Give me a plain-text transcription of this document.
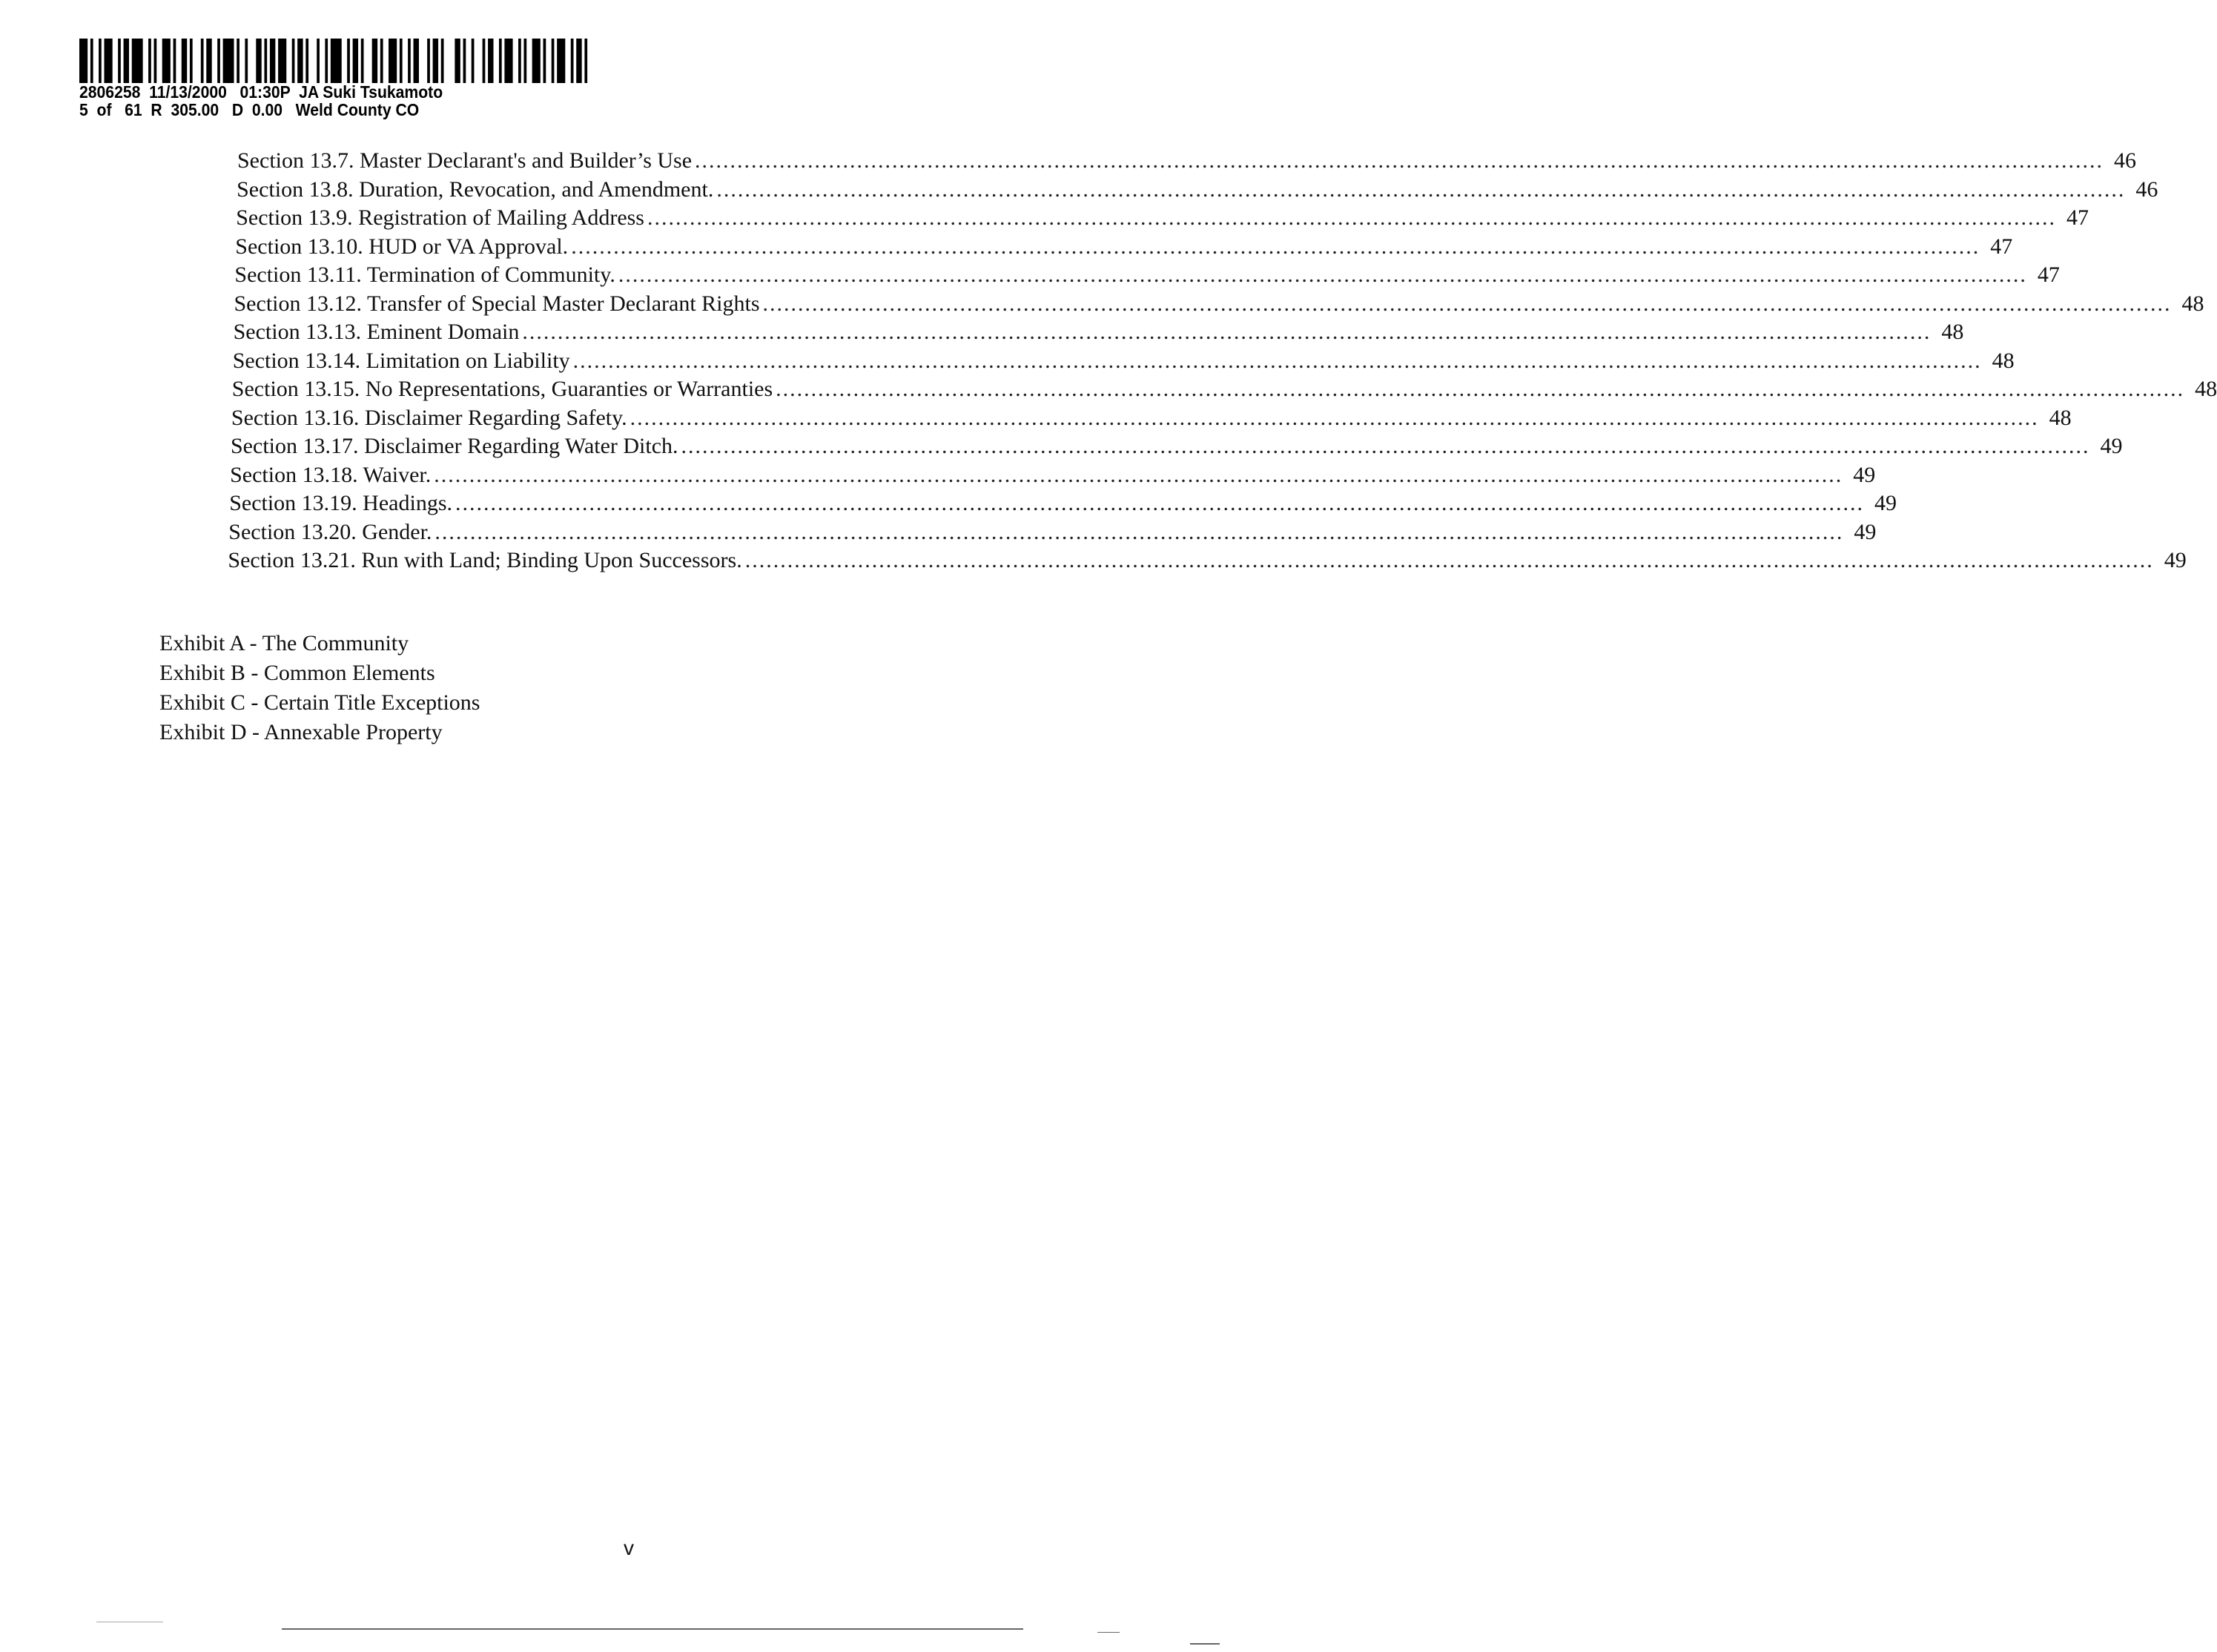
2806258  11/13/2000   01:30P  JA Suki Tsukamoto
5  of   61  R  305.00   D  0.00   Weld County CO
Section 13.7. Master Declarant's and Builder’s Use ........................................................................................................................................................................................................ 46
Section 13.8. Duration, Revocation, and Amendment. ........................................................................................................................................................................................................ 46
Section 13.9. Registration of Mailing Address ........................................................................................................................................................................................................ 47
Section 13.10. HUD or VA Approval. ........................................................................................................................................................................................................ 47
Section 13.11. Termination of Community. ........................................................................................................................................................................................................ 47
Section 13.12. Transfer of Special Master Declarant Rights ........................................................................................................................................................................................................ 48
Section 13.13. Eminent Domain ........................................................................................................................................................................................................ 48
Section 13.14. Limitation on Liability ........................................................................................................................................................................................................ 48
Section 13.15. No Representations, Guaranties or Warranties ........................................................................................................................................................................................................ 48
Section 13.16. Disclaimer Regarding Safety. ........................................................................................................................................................................................................ 48
Section 13.17. Disclaimer Regarding Water Ditch. ........................................................................................................................................................................................................ 49
Section 13.18. Waiver. ........................................................................................................................................................................................................ 49
Section 13.19. Headings. ........................................................................................................................................................................................................ 49
Section 13.20. Gender. ........................................................................................................................................................................................................ 49
Section 13.21. Run with Land; Binding Upon Successors. ........................................................................................................................................................................................................ 49
Exhibit A - The Community
Exhibit B - Common Elements
Exhibit C - Certain Title Exceptions
Exhibit D - Annexable Property
v
